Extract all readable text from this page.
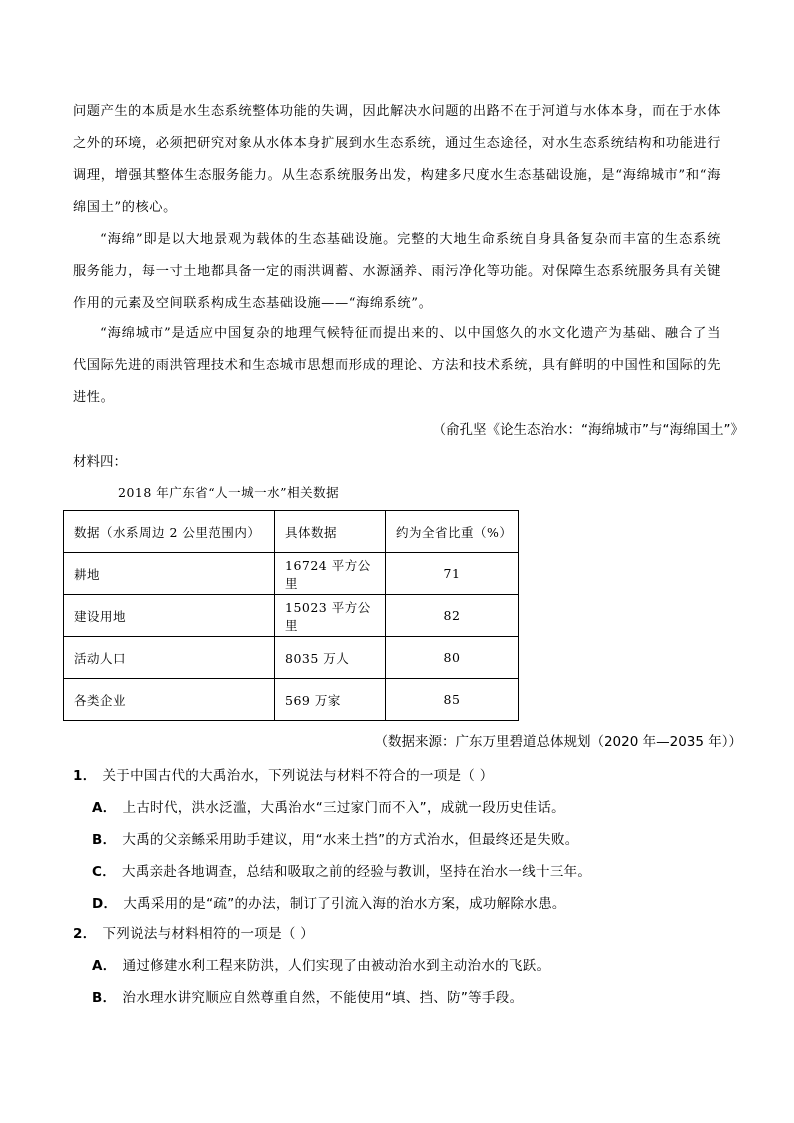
问题产生的本质是水生态系统整体功能的失调，因此解决水问题的出路不在于河道与水体本身，而在于水体之外的环境，必须把研究对象从水体本身扩展到水生态系统，通过生态途径，对水生态系统结构和功能进行调理，增强其整体生态服务能力。从生态系统服务出发，构建多尺度水生态基础设施，是“海绵城市”和“海绵国土”的核心。

“海绵”即是以大地景观为载体的生态基础设施。完整的大地生命系统自身具备复杂而丰富的生态系统服务能力，每一寸土地都具备一定的雨洪调蓄、水源涵养、雨污净化等功能。对保障生态系统服务具有关键作用的元素及空间联系构成生态基础设施——“海绵系统”。

“海绵城市”是适应中国复杂的地理气候特征而提出来的、以中国悠久的水文化遗产为基础、融合了当代国际先进的雨洪管理技术和生态城市思想而形成的理论、方法和技术系统，具有鲜明的中国性和国际的先进性。

（俞孔坚《论生态治水：“海绵城市”与“海绵国土”》
材料四：
2018 年广东省“人一城一水”相关数据
数据（水系周边 2 公里范围内）	具体数据	约为全省比重（%）
耕地	16724 平方公里	71
建设用地	15023 平方公里	82
活动人口	8035 万人	80
各类企业	569 万家	85
（数据来源：广东万里碧道总体规划（2020 年—2035 年））
1． 关于中国古代的大禹治水，下列说法与材料不符合的一项是（ ）
A． 上古时代，洪水泛滥，大禹治水“三过家门而不入”，成就一段历史佳话。
B． 大禹的父亲鲧采用助手建议，用“水来土挡”的方式治水，但最终还是失败。
C． 大禹亲赴各地调查，总结和吸取之前的经验与教训，坚持在治水一线十三年。
D． 大禹采用的是“疏”的办法，制订了引流入海的治水方案，成功解除水患。
2． 下列说法与材料相符的一项是（ ）
A． 通过修建水利工程来防洪，人们实现了由被动治水到主动治水的飞跃。
B． 治水理水讲究顺应自然尊重自然，不能使用“填、挡、防”等手段。
